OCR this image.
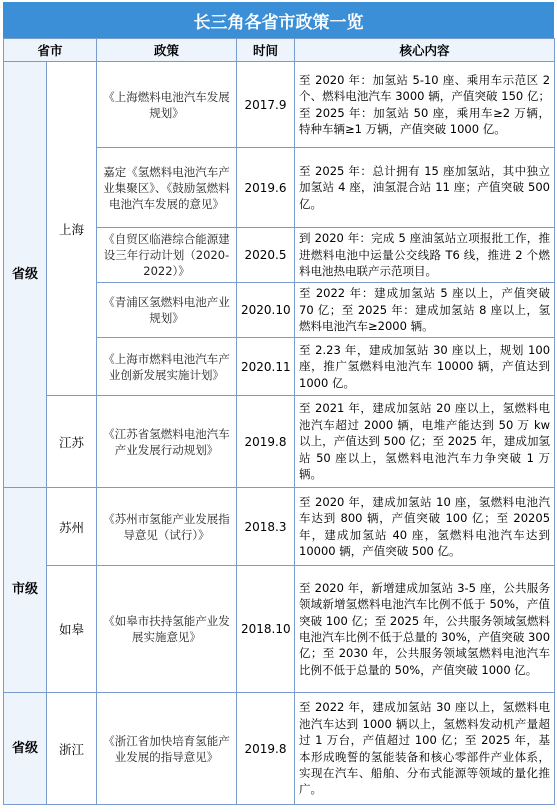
长三角各省市政策一览
省市		政策	时间	核心内容
省级	上海	《上海燃料电池汽车发展规划》	2017.9	至 2020 年：加氢站 5-10 座、乘用车示范区 2 个、燃料电池汽车 3000 辆，产值突破 150 亿；至 2025 年：加氢站 50 座，乘用车≥2 万辆，特种车辆≥1 万辆，产值突破 1000 亿。
		嘉定《氢燃料电池汽车产业集聚区》、《鼓励氢燃料电池汽车发展的意见》	2019.6	至 2025 年：总计拥有 15 座加氢站，其中独立加氢站 4 座，油氢混合站 11 座；产值突破 500 亿。
		《自贸区临港综合能源建设三年行动计划（2020-2022）》	2020.5	到 2020 年：完成 5 座油氢站立项报批工作，推进燃料电池中运量公交线路 T6 线，推进 2 个燃料电池热电联产示范项目。
		《青浦区氢燃料电池产业规划》	2020.10	至 2022 年：建成加氢站 5 座以上，产值突破 70 亿；至 2025 年：建成加氢站 8 座以上，氢燃料电池汽车≥2000 辆。
		《上海市燃料电池汽车产业创新发展实施计划》	2020.11	至 2.23 年，建成加氢站 30 座以上，规划 100 座，推广氢燃料电池汽车 10000 辆，产值达到 1000 亿。
	江苏	《江苏省氢燃料电池汽车产业发展行动规划》	2019.8	至 2021 年，建成加氢站 20 座以上，氢燃料电池汽车超过 2000 辆，电堆产能达到 50 万 kw 以上，产值达到 500 亿；至 2025 年，建成加氢站 50 座以上，氢燃料电池汽车力争突破 1 万辆。
市级	苏州	《苏州市氢能产业发展指导意见（试行）》	2018.3	至 2020 年，建成加氢站 10 座，氢燃料电池汽车达到 800 辆，产值突破 100 亿；至 20205 年，建成加氢站 40 座，氢燃料电池汽车达到 10000 辆，产值突破 500 亿。
	如皋	《如皋市扶持氢能产业发展实施意见》	2018.10	至 2020 年，新增建成加氢站 3-5 座，公共服务领域新增氢燃料电池汽车比例不低于 50%，产值突破 100 亿；至 2025 年，公共服务领域氢燃料电池汽车比例不低于总量的 30%，产值突破 300 亿；至 2030 年，公共服务领域氢燃料电池汽车比例不低于总量的 50%，产值突破 1000 亿。
省级	浙江	《浙江省加快培育氢能产业发展的指导意见》	2019.8	至 2022 年，建成加氢站 30 座以上，氢燃料电池汽车达到 1000 辆以上，氢燃料发动机产量超过 1 万台，产值超过 100 亿；至 2025 年，基本形成晚誓的氢能装备和核心零部件产业体系，实现在汽车、船舶、分布式能源等领域的量化推广。
